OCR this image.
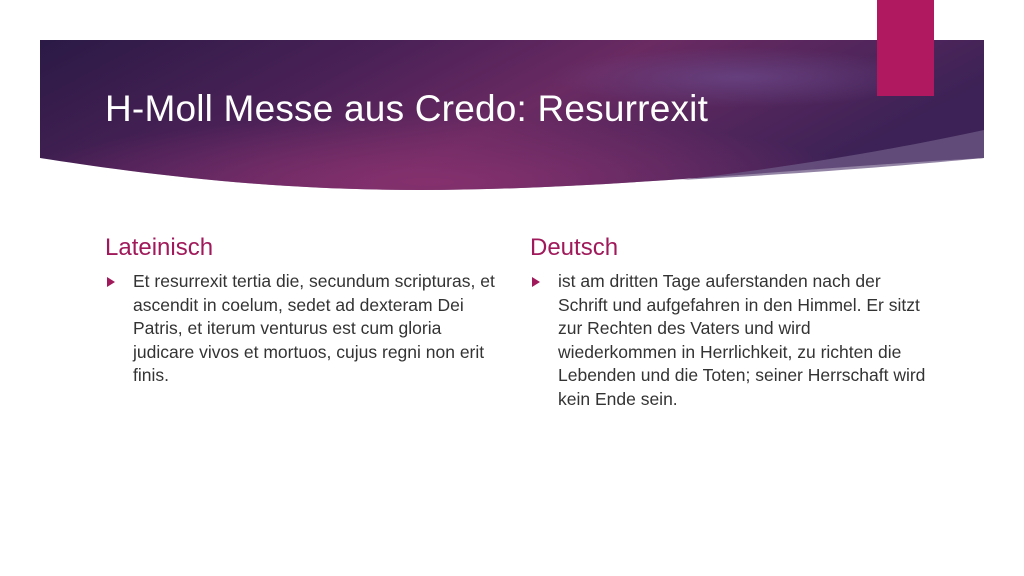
H-Moll Messe aus Credo: Resurrexit
Lateinisch
Et resurrexit tertia die, secundum scripturas, et ascendit in coelum, sedet ad dexteram Dei Patris, et iterum venturus est cum gloria judicare vivos et mortuos, cujus regni non erit finis.
Deutsch
ist am dritten Tage auferstanden nach der Schrift und aufgefahren in den Himmel. Er sitzt zur Rechten des Vaters und wird wiederkommen in Herrlichkeit, zu richten die Lebenden und die Toten; seiner Herrschaft wird kein Ende sein.
